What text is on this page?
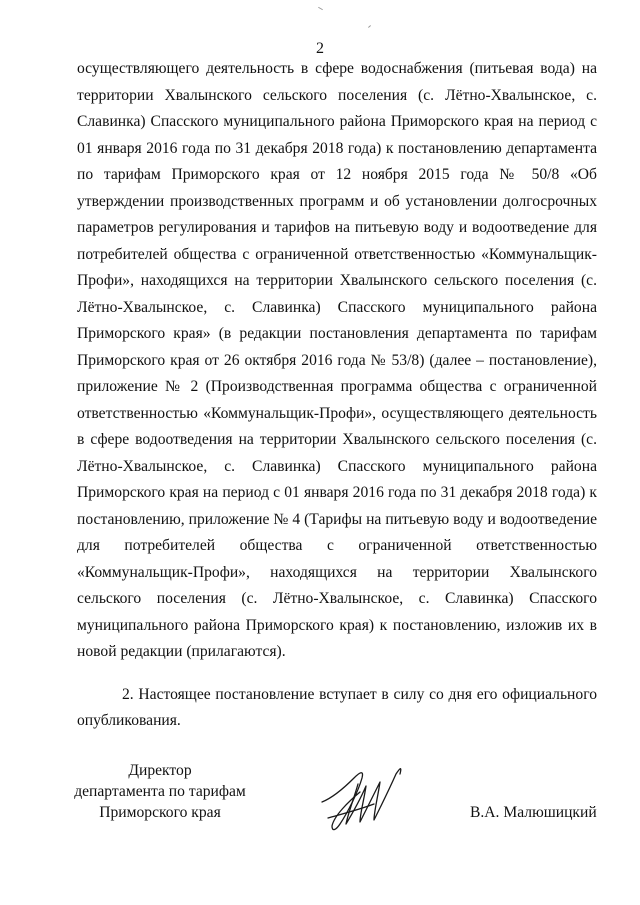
2

осуществляющего деятельность в сфере водоснабжения (питьевая вода) на территории Хвалынского сельского поселения (с. Лётно-Хвалынское, с. Славинка) Спасского муниципального района Приморского края на период с 01 января 2016 года по 31 декабря 2018 года) к постановлению департамента по тарифам Приморского края от 12 ноября 2015 года № 50/8 «Об утверждении производственных программ и об установлении долгосрочных параметров регулирования и тарифов на питьевую воду и водоотведение для потребителей общества с ограниченной ответственностью «Коммунальщик-Профи», находящихся на территории Хвалынского сельского поселения (с. Лётно-Хвалынское, с. Славинка) Спасского муниципального района Приморского края» (в редакции постановления департамента по тарифам Приморского края от 26 октября 2016 года № 53/8) (далее – постановление), приложение № 2 (Производственная программа общества с ограниченной ответственностью «Коммунальщик-Профи», осуществляющего деятельность в сфере водоотведения на территории Хвалынского сельского поселения (с. Лётно-Хвалынское, с. Славинка) Спасского муниципального района Приморского края на период с 01 января 2016 года по 31 декабря 2018 года) к постановлению, приложение № 4 (Тарифы на питьевую воду и водоотведение для потребителей общества с ограниченной ответственностью «Коммунальщик-Профи», находящихся на территории Хвалынского сельского поселения (с. Лётно-Хвалынское, с. Славинка) Спасского муниципального района Приморского края) к постановлению, изложив их в новой редакции (прилагаются).

2. Настоящее постановление вступает в силу со дня его официального опубликования.

Директор
департамента по тарифам
Приморского края	В.А. Малюшицкий
